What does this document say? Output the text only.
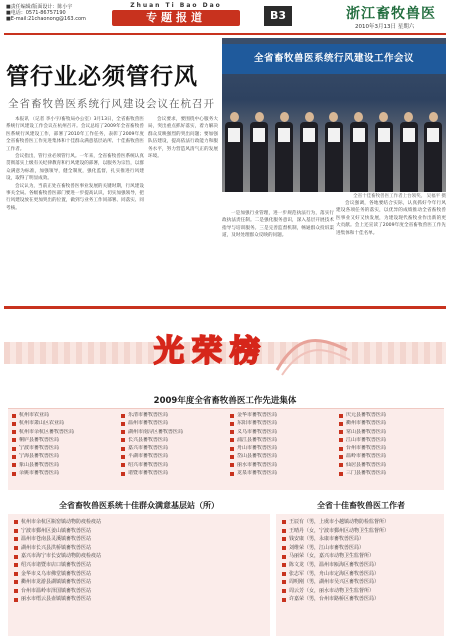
■责任编辑/版面设计：陈小宇
■电话：0571-86757190
■E-mail:21chaonong@163.com
Zhuan Ti Bao Dao
专题报道	B3	浙江畜牧兽医
2010年3月13日 星期六
管行业必须管行风
全省畜牧兽医系统行风建设会议在杭召开
全省畜牧兽医系统行风建设工作会议
全省十佳畜牧兽医工作者上台领奖。 吴福平 摄

本报讯 （记者 李小宇/畜牧局办公室）3月13日，全省畜牧兽医系统行风建设工作会议在杭州召开。会议总结了2009年全省畜牧兽医系统行风建设工作，部署了2010年工作任务，表彰了2009年度全省畜牧兽医工作先进集体和十佳群众满意基层站所、十佳畜牧兽医工作者。

会议指出，管行业必须管行风。一年来，全省畜牧兽医系统认真贯彻落实上级有关纪律教育和行风建设的部署，以服务为宗旨，以群众满意为标准，加强领导，健全制度，强化监督，扎实推进行风建设，取得了明显成效。

会议认为，当前正处在畜牧兽医事业发展的关键时期，行风建设事关全局。各级畜牧兽医部门要进一步提高认识，切实加强领导，把行风建设放在更加突出的位置，做到与业务工作同部署、同落实、同考核。

会议要求，要围绕中心服务大局，突出重点抓好落实，着力解决群众反映强烈的突出问题；要加强队伍建设，提高依法行政能力和服务水平，努力营造风清气正的发展环境。

一是加强行业管理，进一步规范执法行为，落实行政执法责任制。二是强化服务意识，深入基层开展技术指导与培训服务。三是完善监督机制，畅通群众投诉渠道，及时处理群众反映的问题。

会议强调，各地要结合实际，认真抓好今年行风建设各项任务的落实，以优异的成绩推动全省畜牧兽医事业又好又快发展，为建设现代畜牧业作出新的更大贡献。会上还宣读了2009年度全省畜牧兽医工作先进集体和十佳名单。

光荣榜
2009年度全省畜牧兽医工作先进集体
杭州市农业局	乐清市畜牧兽医局	金华市畜牧兽医局	庆元县畜牧兽医局
杭州市萧山区农业局	温州市畜牧兽医局	东阳市畜牧兽医局	衢州市畜牧兽医局
杭州市余杭区畜牧兽医局	湖州市南浔区畜牧兽医局	义乌市畜牧兽医局	常山县畜牧兽医局
桐庐县畜牧兽医局	长兴县畜牧兽医局	浦江县畜牧兽医局	江山市畜牧兽医局
宁波市畜牧兽医局	嘉兴市畜牧兽医局	舟山市畜牧兽医局	台州市畜牧兽医局
宁海县畜牧兽医局	平湖市畜牧兽医局	岱山县畜牧兽医局	温岭市畜牧兽医局
象山县畜牧兽医局	绍兴市畜牧兽医局	丽水市畜牧兽医局	仙居县畜牧兽医局
余姚市畜牧兽医局	诸暨市畜牧兽医局	龙泉市畜牧兽医局	三门县畜牧兽医局
全省畜牧兽医系统十佳群众满意基层站（所）	全省十佳畜牧兽医工作者
杭州市余杭区瓶窑镇动物防疫检疫站
宁波市鄞州区姜山镇畜牧兽医站
温州市苍南县灵溪镇畜牧兽医站
湖州市长兴县洪桥镇畜牧兽医站
嘉兴市海宁市长安镇动物防疫检疫站
绍兴市诸暨市店口镇畜牧兽医站
金华市义乌市佛堂镇畜牧兽医站
衢州市龙游县湖镇镇畜牧兽医站
台州市温岭市泽国镇畜牧兽医站
丽水市缙云县壶镇镇畜牧兽医站
王辰有（男，上虞市小越镇动物防检监督所）
王晴丹（女，宁波市鄞州区动物卫生监督所）
钱安康（男，永康市畜牧兽医局）
刘维荣（男，江山市畜牧兽医局）
马丽荣（女，嘉兴市动物卫生监督所）
陈文龙（男，温州市瓯海区畜牧兽医局）
张志军（男，舟山市定海区畜牧兽医局）
周明刚（男，湖州市吴兴区畜牧兽医局）
周云芳（女，丽水市动物卫生监督所）
许嘉荣（男，台州市路桥区畜牧兽医局）
